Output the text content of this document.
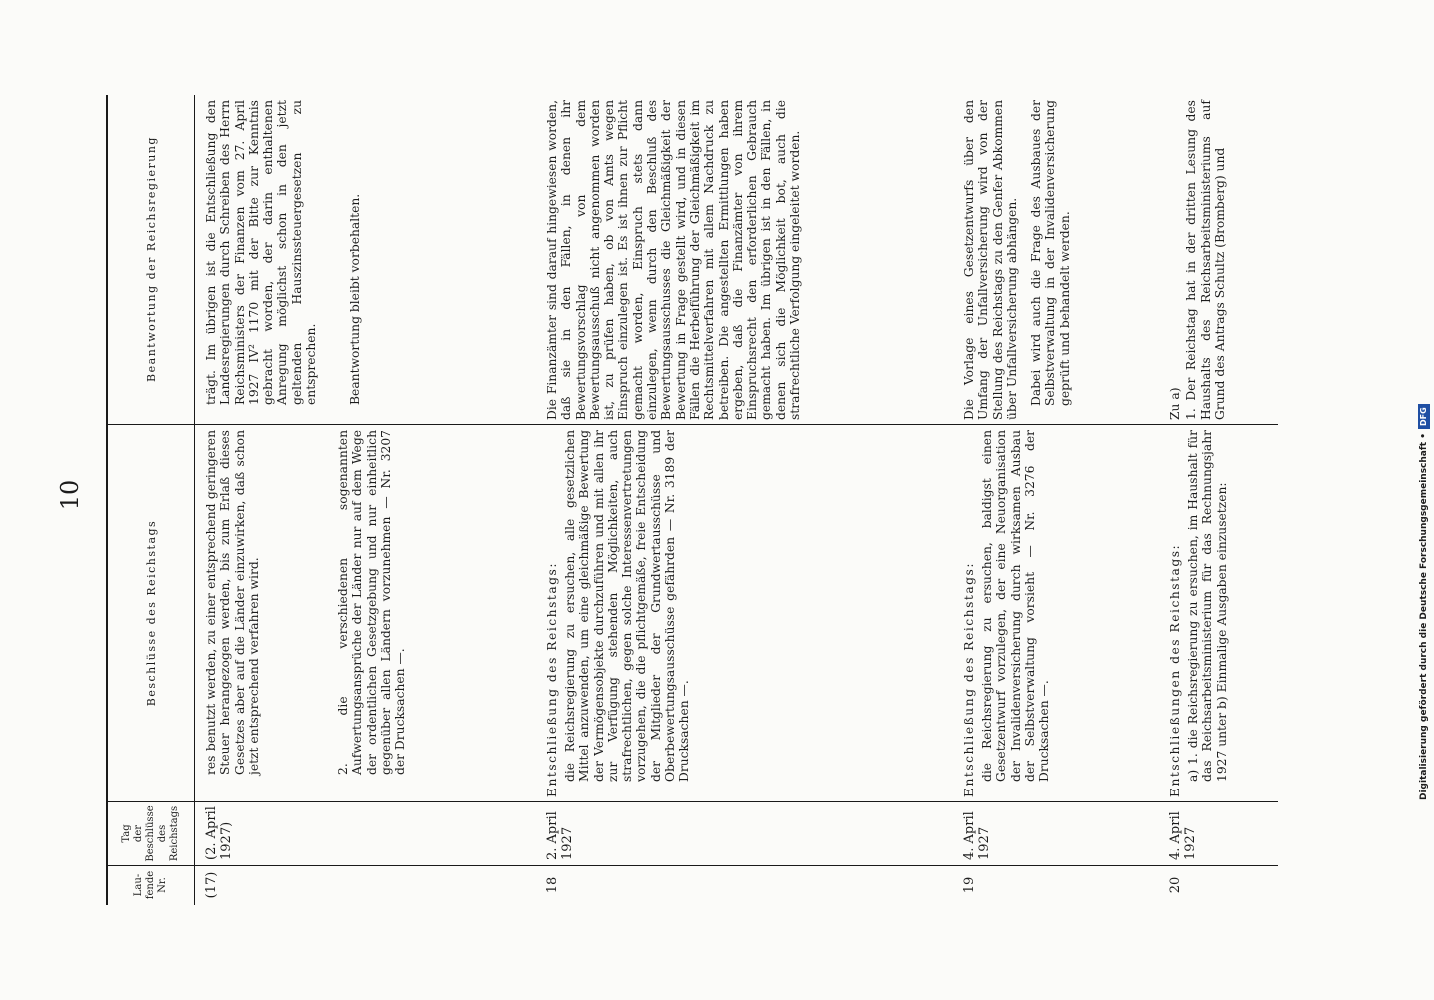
10
Lau- fende Nr.
Tag der Beschlüsse des Reichstags
Beschlüsse des Reichstags
Beantwortung der Reichsregierung
(17)
(2. April
1927)

res benutzt werden, zu einer entsprechend geringeren Steuer herangezogen werden, bis zum Erlaß dieses Gesetzes aber auf die Länder einzuwirken, daß schon jetzt entsprechend verfahren wird.	2. die verschiedenen sogenannten Aufwertungsansprüche der Länder nur auf dem Wege der ordentlichen Gesetzgebung und nur einheitlich gegenüber allen Ländern vorzunehmen — Nr. 3207 der Drucksachen —.

trägt. Im übrigen ist die Entschließung den Landesregierungen durch Schreiben des Herrn Reichsministers der Finanzen vom 27. April 1927 IV² 1170 mit der Bitte zur Kenntnis gebracht worden, der darin enthaltenen Anregung möglichst schon in den jetzt geltenden Hauszinssteuergesetzen zu entsprechen. Beantwortung bleibt vorbehalten.

18
2. April
1927
Entschließung des Reichstags: die Reichsregierung zu ersuchen, alle gesetzlichen Mittel anzuwenden, um eine gleichmäßige Bewertung der Vermögensobjekte durchzuführen und mit allen ihr zur Verfügung stehenden Möglichkeiten, auch strafrechtlichen, gegen solche Interessenvertretungen vorzugehen, die die pflichtgemäße, freie Entscheidung der Mitglieder der Grundwertausschüsse und Oberbewertungsausschüsse gefährden — Nr. 3189 der Drucksachen —.

Die Finanzämter sind darauf hingewiesen worden, daß sie in den Fällen, in denen ihr Bewertungsvorschlag von dem Bewertungsausschuß nicht angenommen worden ist, zu prüfen haben, ob von Amts wegen Einspruch einzulegen ist. Es ist ihnen zur Pflicht gemacht worden, Einspruch stets dann einzulegen, wenn durch den Beschluß des Bewertungsausschusses die Gleichmäßigkeit der Bewertung in Frage gestellt wird, und in diesen Fällen die Herbeiführung der Gleichmäßigkeit im Rechtsmittelverfahren mit allem Nachdruck zu betreiben. Die angestellten Ermittlungen haben ergeben, daß die Finanzämter von ihrem Einspruchsrecht den erforderlichen Gebrauch gemacht haben. Im übrigen ist in den Fällen, in denen sich die Möglichkeit bot, auch die strafrechtliche Verfolgung eingeleitet worden.

19
4. April
1927
Entschließung des Reichstags: die Reichsregierung zu ersuchen, baldigst einen Gesetzentwurf vorzulegen, der eine Neuorganisation der Invalidenversicherung durch wirksamen Ausbau der Selbstverwaltung vorsieht — Nr. 3276 der Drucksachen —.

Die Vorlage eines Gesetzentwurfs über den Umfang der Unfallversicherung wird von der Stellung des Reichstags zu den Genfer Abkommen über Unfallversicherung abhängen. Dabei wird auch die Frage des Ausbaues der Selbstverwaltung in der Invalidenversicherung geprüft und behandelt werden.

20
4. April
1927
Entschließungen des Reichstags: a) 1. die Reichsregierung zu ersuchen, im Haushalt für das Reichsarbeitsministerium für das Rechnungsjahr 1927 unter b) Einmalige Ausgaben einzusetzen:

Zu a) 1. Der Reichstag hat in der dritten Lesung des Haushalts des Reichsarbeitsministeriums auf Grund des Antrags Schultz (Bromberg) und

Digitalisierung gefördert durch die Deutsche Forschungsgemeinschaft •
DFG
